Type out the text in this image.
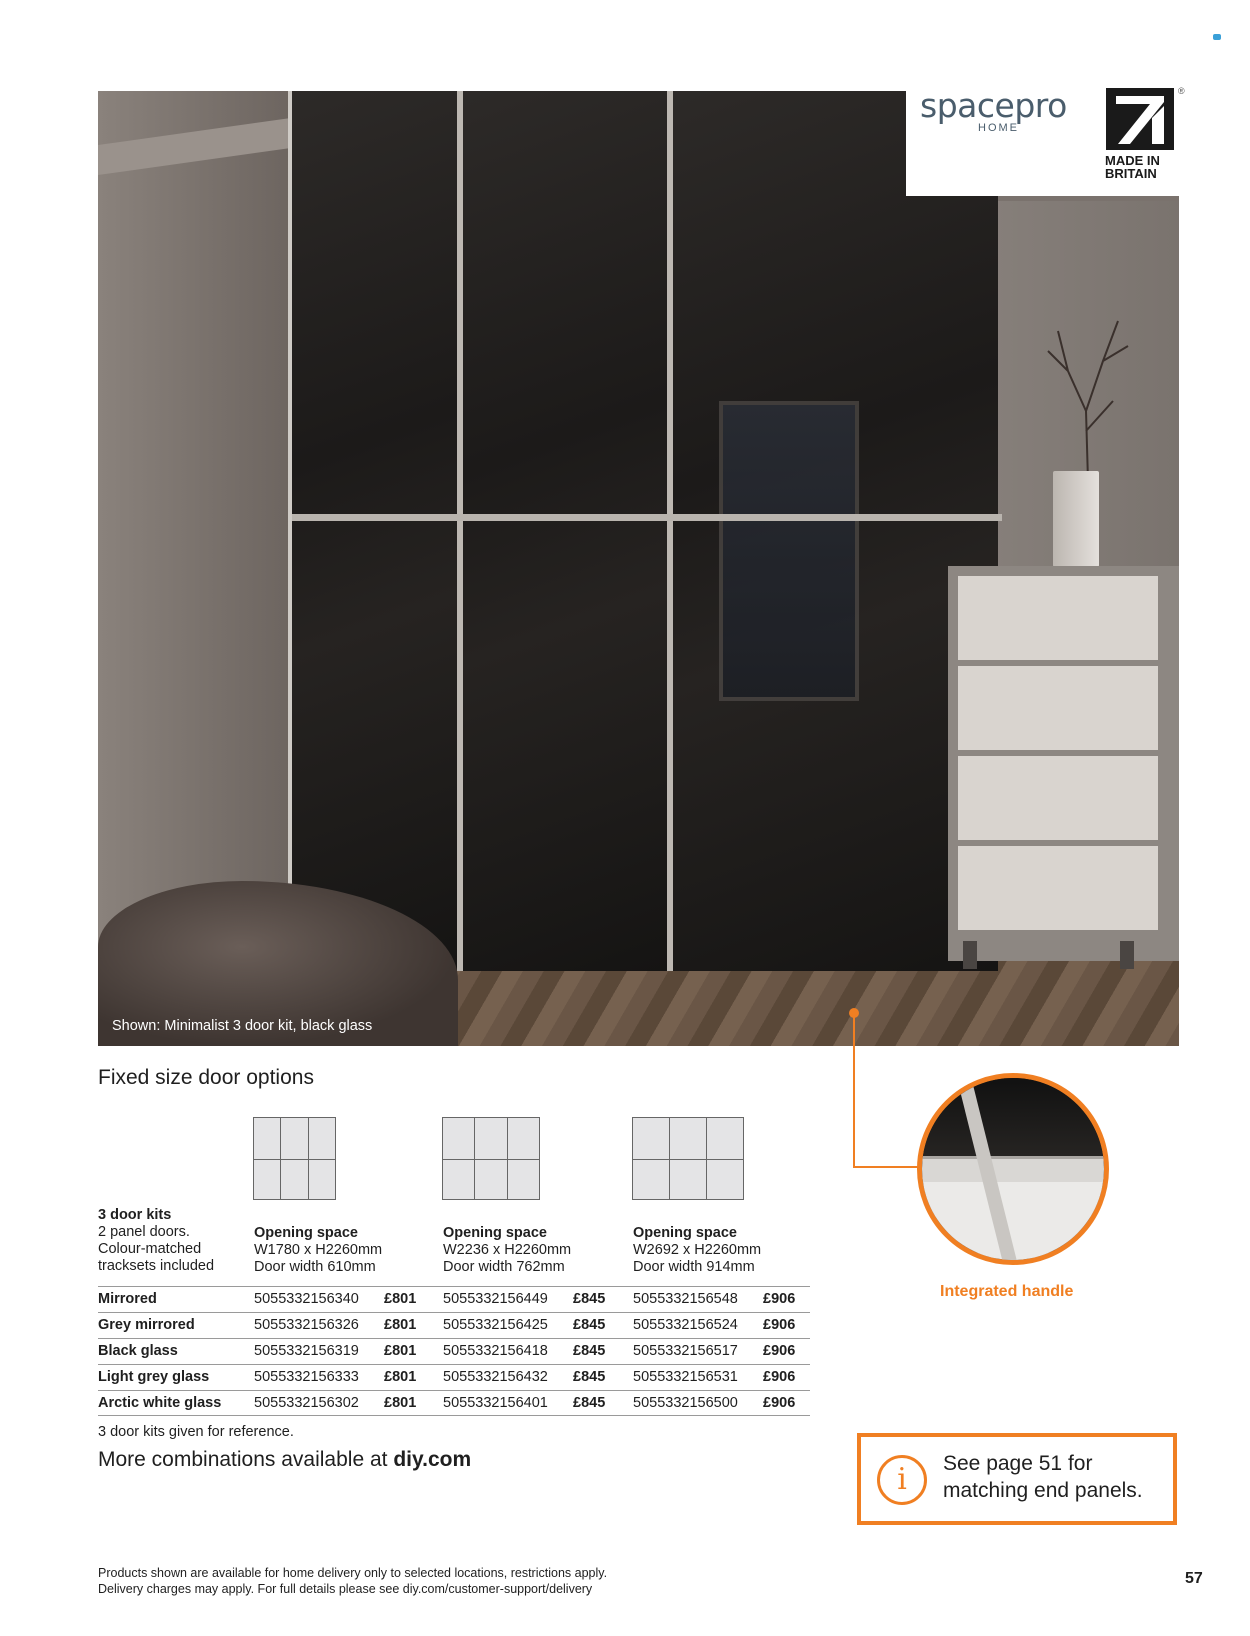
Shown: Minimalist 3 door kit, black glass
spacepro
HOME
MADE IN
BRITAIN
®
Fixed size door options
3 door kits
2 panel doors.
Colour-matched
tracksets included
Opening space
W1780 x H2260mm
Door width 610mm
Opening space
W2236 x H2260mm
Door width 762mm
Opening space
W2692 x H2260mm
Door width 914mm
Mirrored	5055332156340 £801 5055332156449 £845 5055332156548 £906
Grey mirrored	5055332156326 £801 5055332156425 £845 5055332156524 £906
Black glass	5055332156319 £801 5055332156418 £845 5055332156517 £906
Light grey glass	5055332156333 £801 5055332156432 £845 5055332156531 £906
Arctic white glass 5055332156302 £801 5055332156401 £845 5055332156500 £906
3 door kits given for reference.
More combinations available at diy.com
Integrated handle
i	See page 51 for
matching end panels.
Products shown are available for home delivery only to selected locations, restrictions apply.
Delivery charges may apply. For full details please see diy.com/customer-support/delivery
57
